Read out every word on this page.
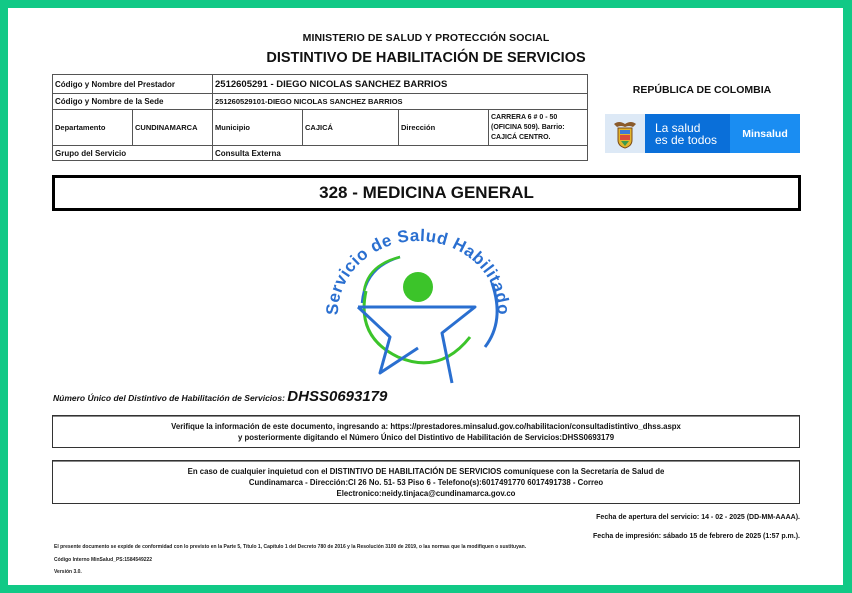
MINISTERIO DE SALUD Y PROTECCIÓN SOCIAL
DISTINTIVO DE HABILITACIÓN DE SERVICIOS
Código y Nombre del Prestador		2512605291 - DIEGO NICOLAS SANCHEZ BARRIOS			
Código y Nombre de la Sede		251260529101-DIEGO NICOLAS SANCHEZ BARRIOS			
Departamento	CUNDINAMARCA	Municipio	CAJICÁ	Dirección	CARRERA 6 # 0 - 50 (OFICINA 509). Barrio: CAJICÁ CENTRO.
Grupo del Servicio		Consulta Externa			
REPÚBLICA DE COLOMBIA
La salud
es de todos	Minsalud
328 - MEDICINA GENERAL
Servicio de Salud Habilitado
Número Único del Distintivo de Habilitación de Servicios: DHSS0693179
Verifique la información de este documento, ingresando a: https://prestadores.minsalud.gov.co/habilitacion/consultadistintivo_dhss.aspx
y posteriormente digitando el Número Único del Distintivo de Habilitación de Servicios:DHSS0693179
En caso de cualquier inquietud con el DISTINTIVO DE HABILITACIÓN DE SERVICIOS comuníquese con la Secretaría de Salud de
Cundinamarca - Dirección:Cl 26 No. 51- 53 Piso 6 - Telefono(s):6017491770 6017491738 - Correo
Electronico:neidy.tinjaca@cundinamarca.gov.co
Fecha de apertura del servicio: 14 - 02 - 2025 (DD-MM-AAAA).
Fecha de impresión: sábado 15 de febrero de 2025 (1:57 p.m.).
El presente documento se expide de conformidad con lo previsto en la Parte 5, Título 1, Capítulo 1 del Decreto 780 de 2016 y la Resolución 3100 de 2019, o las normas que la modifiquen o sustituyan.
Código Interno MinSalud_PS:1584549222
Versión 3.0.
